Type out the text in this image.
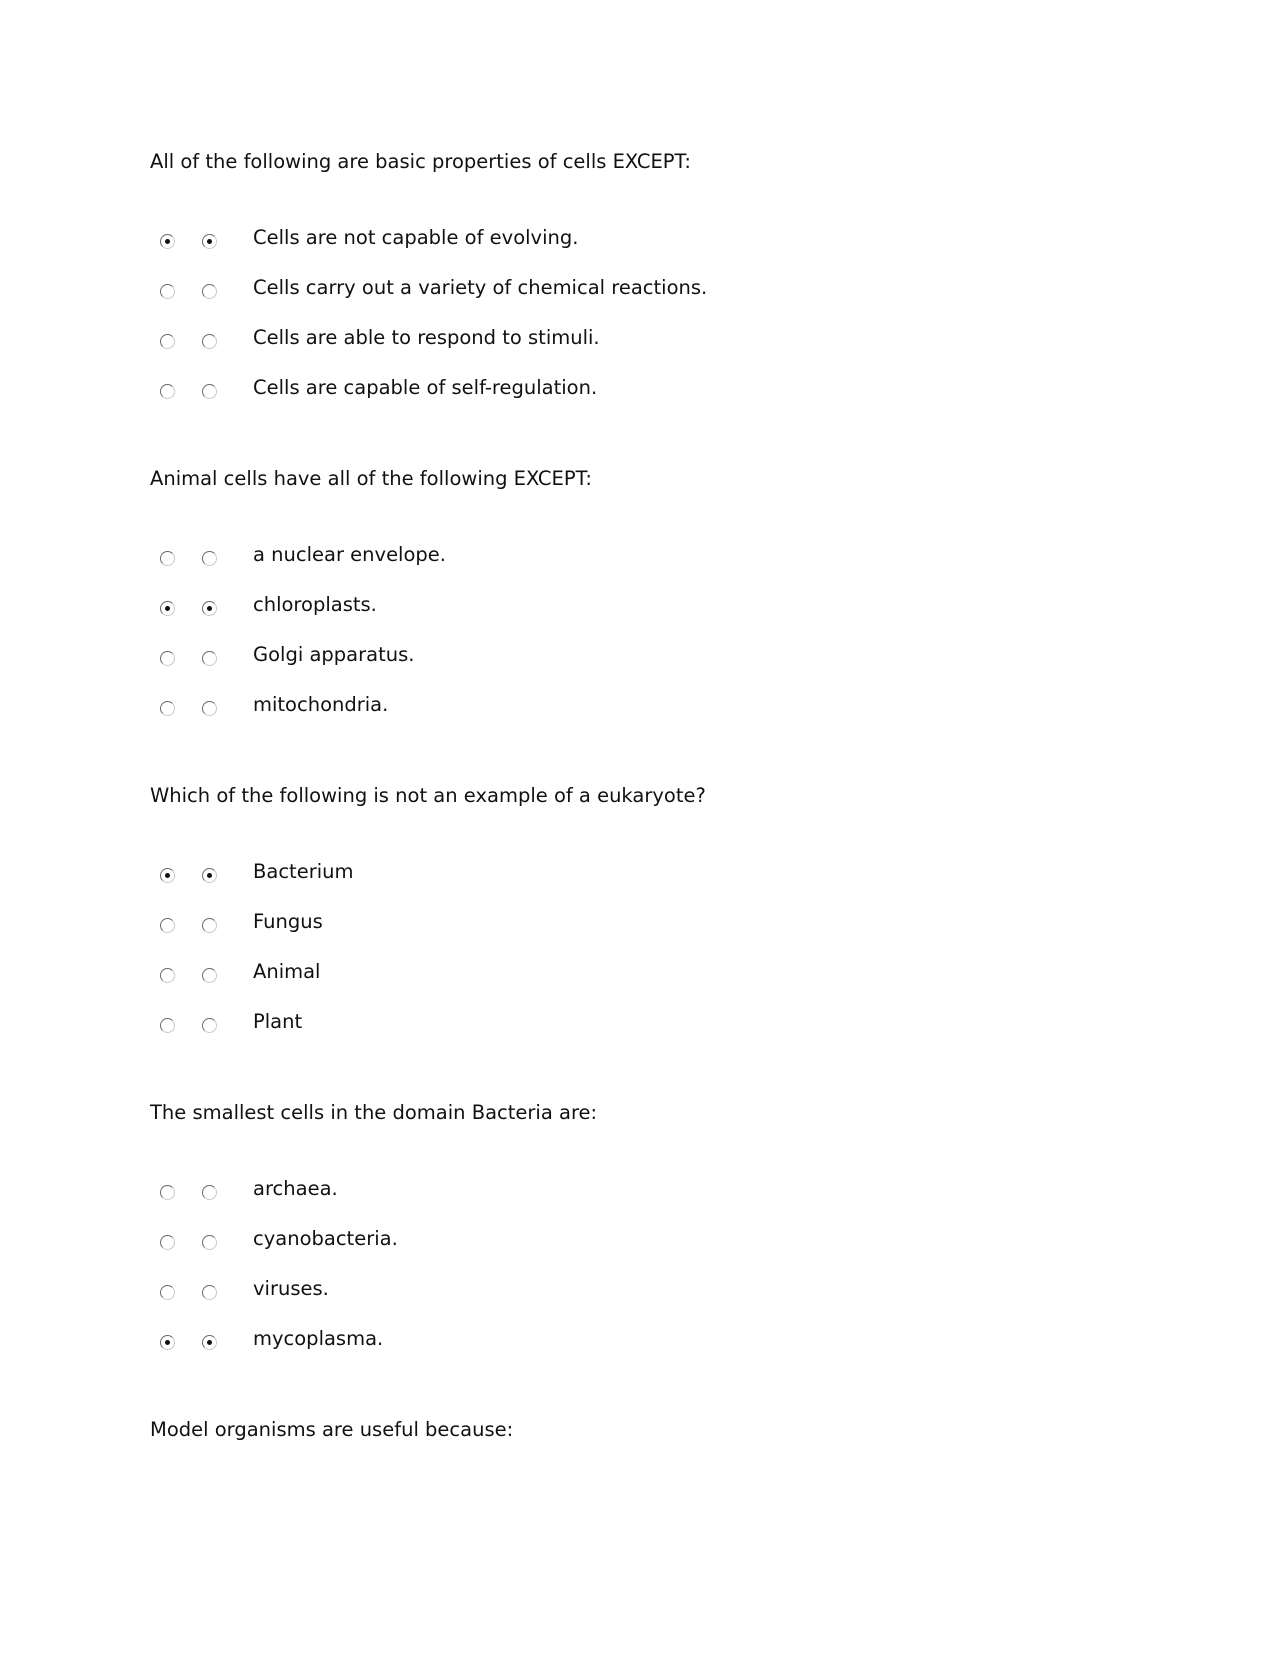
All of the following are basic properties of cells EXCEPT:

Cells are not capable of evolving.
Cells carry out a variety of chemical reactions.
Cells are able to respond to stimuli.
Cells are capable of self-regulation.

Animal cells have all of the following EXCEPT:

a nuclear envelope.
chloroplasts.
Golgi apparatus.
mitochondria.

Which of the following is not an example of a eukaryote?

Bacterium
Fungus
Animal
Plant

The smallest cells in the domain Bacteria are:

archaea.
cyanobacteria.
viruses.
mycoplasma.

Model organisms are useful because:
